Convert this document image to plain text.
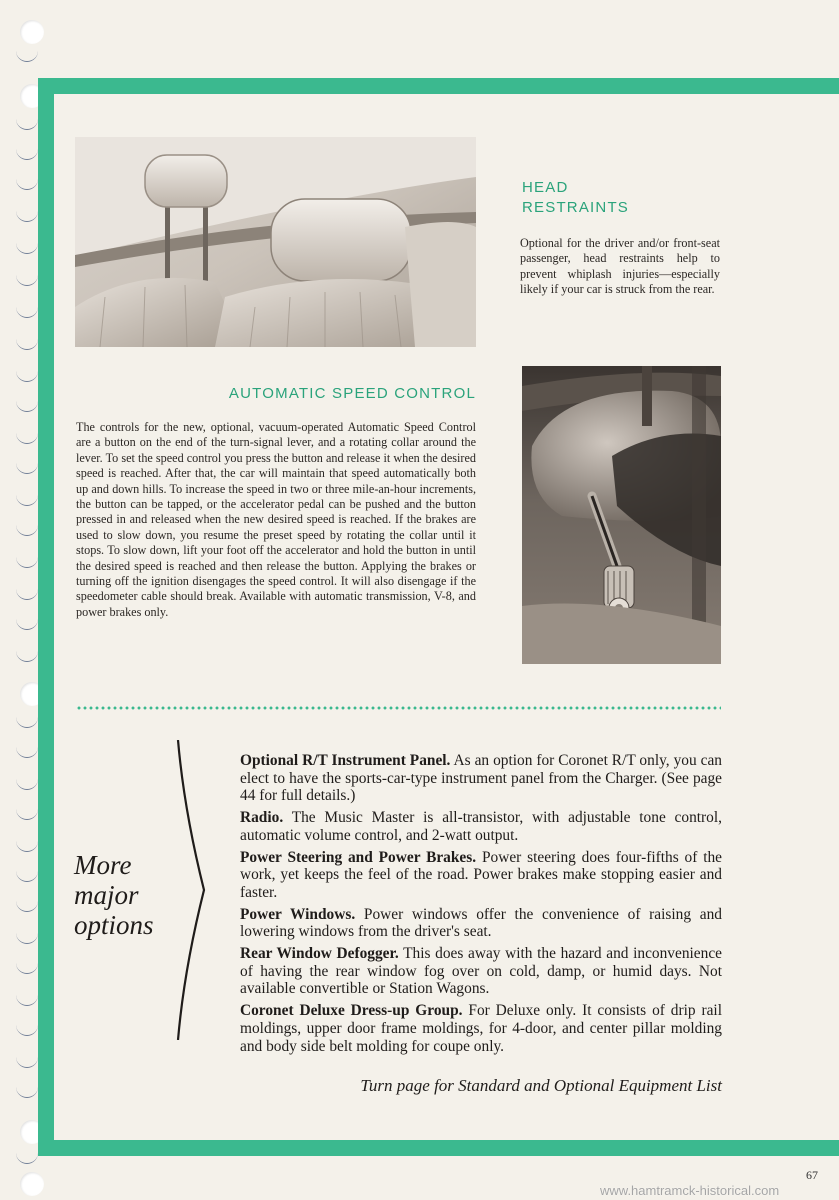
HEAD
RESTRAINTS
Optional for the driver and/or front-seat passenger, head restraints help to prevent whiplash injuries—especially likely if your car is struck from the rear.
AUTOMATIC SPEED CONTROL
The controls for the new, optional, vacuum-operated Automatic Speed Control are a button on the end of the turn-signal lever, and a rotating collar around the lever. To set the speed control you press the button and release it when the desired speed is reached. After that, the car will maintain that speed automatically both up and down hills. To increase the speed in two or three mile-an-hour increments, the button can be tapped, or the accelerator pedal can be pushed and the button pressed in and released when the new desired speed is reached. If the brakes are used to slow down, you resume the preset speed by rotating the collar until it stops. To slow down, lift your foot off the accelerator and hold the button in until the desired speed is reached and then release the button. Applying the brakes or turning off the ignition disengages the speed control. It will also disengage if the speedometer cable should break. Available with automatic transmission, V-8, and power brakes only.
More
major
options

Optional R/T Instrument Panel. As an option for Coronet R/T only, you can elect to have the sports-car-type instrument panel from the Charger. (See page 44 for full details.)

Radio. The Music Master is all-transistor, with adjustable tone control, automatic volume control, and 2-watt output.

Power Steering and Power Brakes. Power steering does four-fifths of the work, yet keeps the feel of the road. Power brakes make stopping easier and faster.

Power Windows. Power windows offer the convenience of raising and lowering windows from the driver's seat.

Rear Window Defogger. This does away with the hazard and inconvenience of having the rear window fog over on cold, damp, or humid days. Not available convertible or Station Wagons.

Coronet Deluxe Dress-up Group. For Deluxe only. It consists of drip rail moldings, upper door frame moldings, for 4-door, and center pillar molding and body side belt molding for coupe only.

Turn page for Standard and Optional Equipment List
67
www.hamtramck-historical.com
